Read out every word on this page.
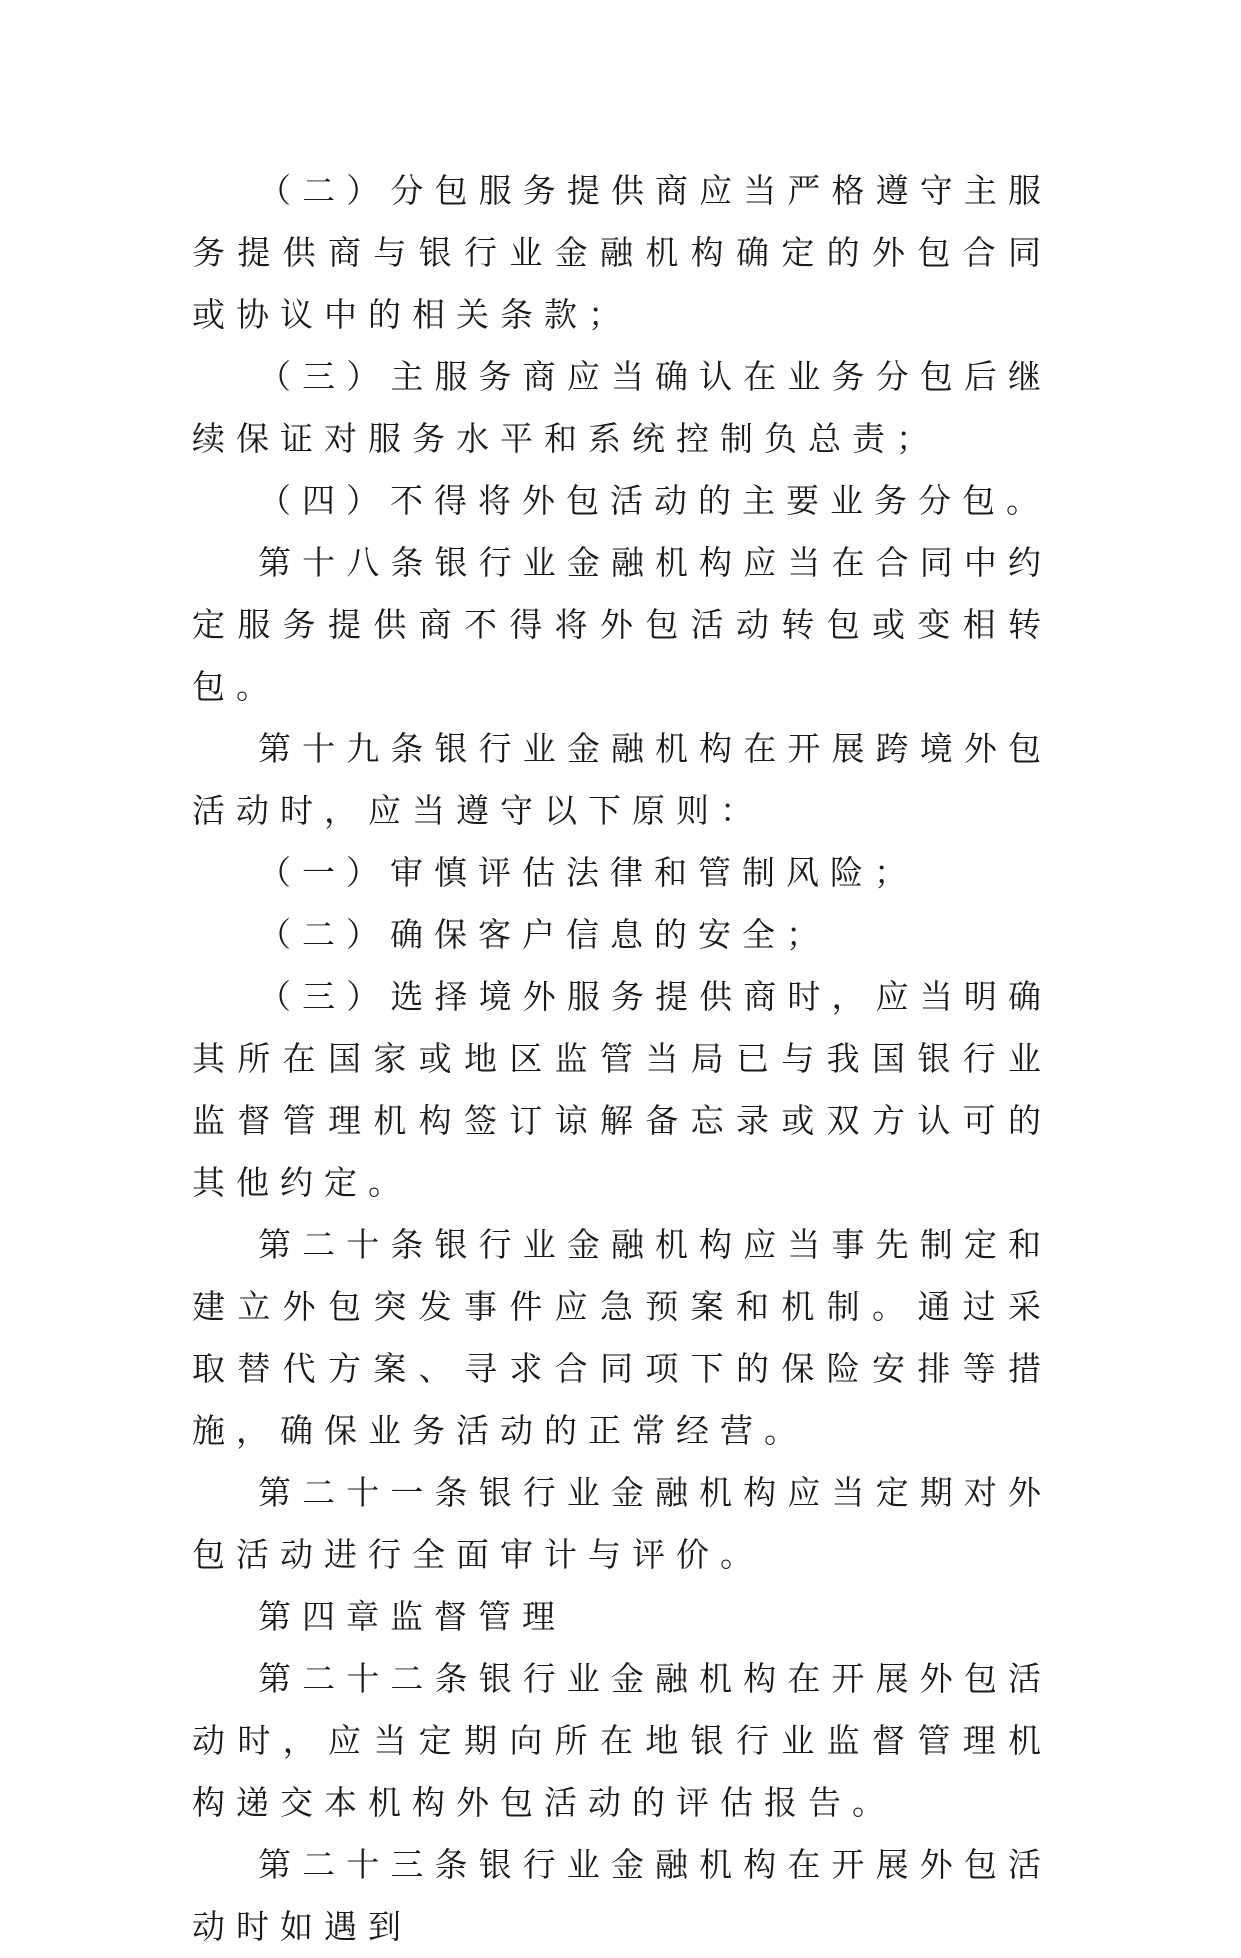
（二）分包服务提供商应当严格遵守主服务提供商与银行业金融机构确定的外包合同或协议中的相关条款；

（三）主服务商应当确认在业务分包后继续保证对服务水平和系统控制负总责；

（四）不得将外包活动的主要业务分包。

第十八条银行业金融机构应当在合同中约定服务提供商不得将外包活动转包或变相转包。

第十九条银行业金融机构在开展跨境外包活动时，应当遵守以下原则：

（一）审慎评估法律和管制风险；

（二）确保客户信息的安全；

（三）选择境外服务提供商时，应当明确其所在国家或地区监管当局已与我国银行业监督管理机构签订谅解备忘录或双方认可的其他约定。

第二十条银行业金融机构应当事先制定和建立外包突发事件应急预案和机制。通过采取替代方案、寻求合同项下的保险安排等措施，确保业务活动的正常经营。

第二十一条银行业金融机构应当定期对外包活动进行全面审计与评价。

第四章监督管理

第二十二条银行业金融机构在开展外包活动时，应当定期向所在地银行业监督管理机构递交本机构外包活动的评估报告。

第二十三条银行业金融机构在开展外包活动时如遇到
